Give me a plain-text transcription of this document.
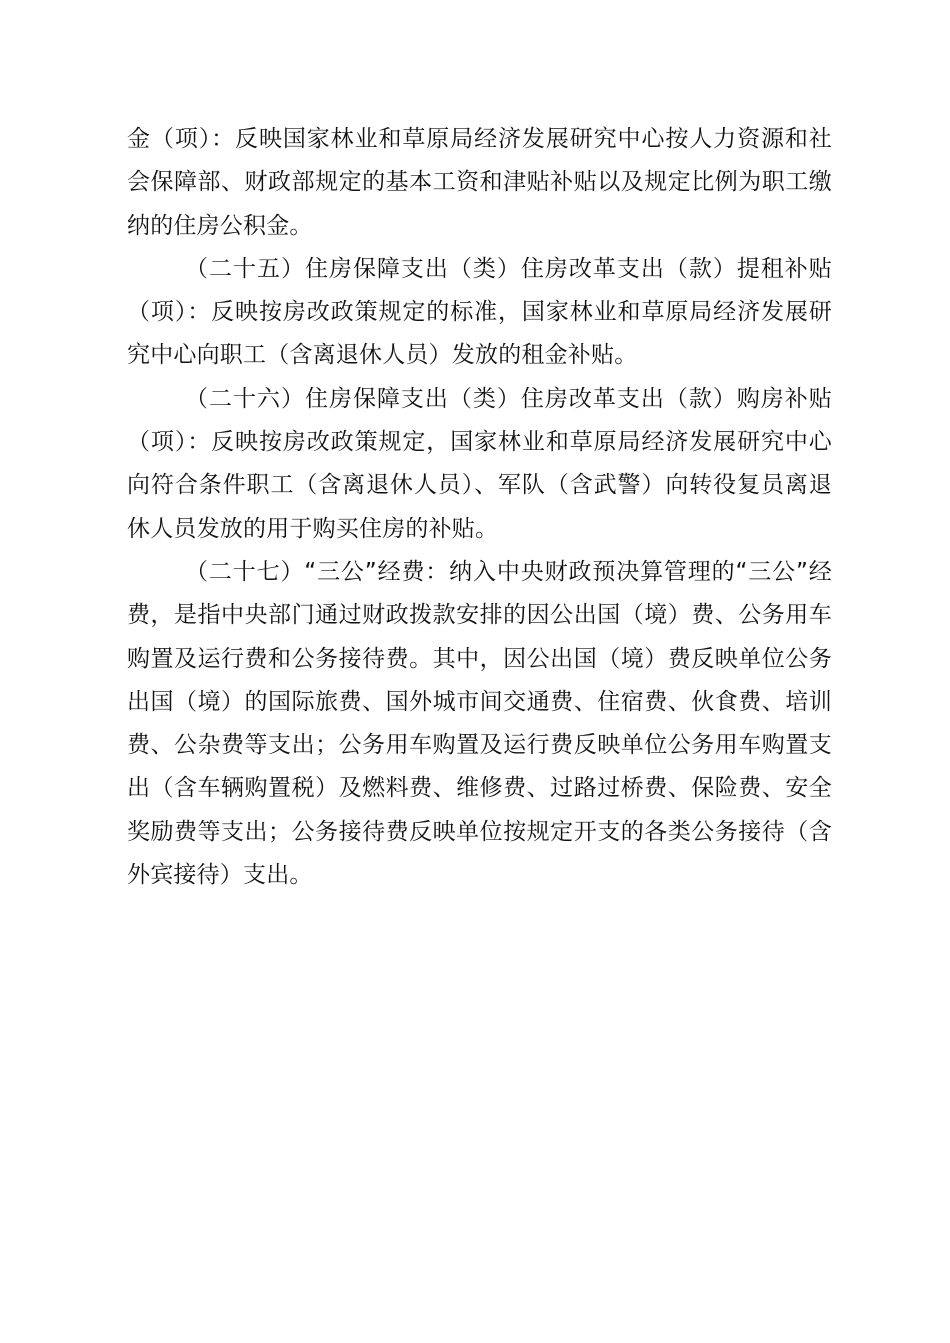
金（项）：反映国家林业和草原局经济发展研究中心按人力资源和社会保障部、财政部规定的基本工资和津贴补贴以及规定比例为职工缴纳的住房公积金。

（二十五）住房保障支出（类）住房改革支出（款）提租补贴（项）：反映按房改政策规定的标准，国家林业和草原局经济发展研究中心向职工（含离退休人员）发放的租金补贴。

（二十六）住房保障支出（类）住房改革支出（款）购房补贴（项）：反映按房改政策规定，国家林业和草原局经济发展研究中心向符合条件职工（含离退休人员）、军队（含武警）向转役复员离退休人员发放的用于购买住房的补贴。

（二十七）“三公”经费：纳入中央财政预决算管理的“三公”经费，是指中央部门通过财政拨款安排的因公出国（境）费、公务用车购置及运行费和公务接待费。其中，因公出国（境）费反映单位公务出国（境）的国际旅费、国外城市间交通费、住宿费、伙食费、培训费、公杂费等支出；公务用车购置及运行费反映单位公务用车购置支出（含车辆购置税）及燃料费、维修费、过路过桥费、保险费、安全奖励费等支出；公务接待费反映单位按规定开支的各类公务接待（含外宾接待）支出。
